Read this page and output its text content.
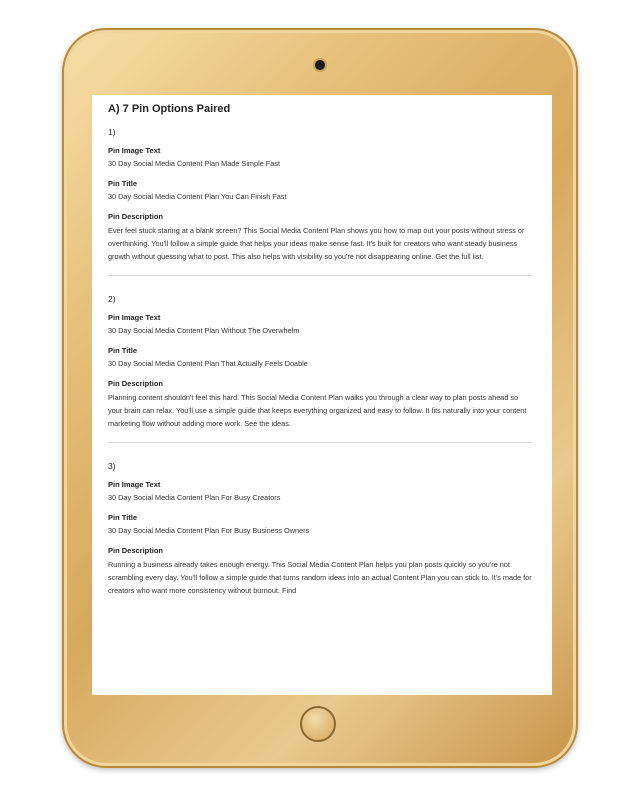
A) 7 Pin Options Paired
1)
Pin Image Text
30 Day Social Media Content Plan Made Simple Fast
Pin Title
30 Day Social Media Content Plan You Can Finish Fast
Pin Description
Ever feel stuck staring at a blank screen? This Social Media Content Plan shows you how to map out your posts without stress or overthinking. You'll follow a simple guide that helps your ideas make sense fast. It's built for creators who want steady business growth without guessing what to post. This also helps with visibility so you're not disappearing online. Get the full list.
2)
Pin Image Text
30 Day Social Media Content Plan Without The Overwhelm
Pin Title
30 Day Social Media Content Plan That Actually Feels Doable
Pin Description
Planning content shouldn't feel this hard. This Social Media Content Plan walks you through a clear way to plan posts ahead so your brain can relax. You'll use a simple guide that keeps everything organized and easy to follow. It fits naturally into your content marketing flow without adding more work. See the ideas.
3)
Pin Image Text
30 Day Social Media Content Plan For Busy Creators
Pin Title
30 Day Social Media Content Plan For Busy Business Owners
Pin Description
Running a business already takes enough energy. This Social Media Content Plan helps you plan posts quickly so you're not scrambling every day. You'll follow a simple guide that turns random ideas into an actual Content Plan you can stick to. It's made for creators who want more consistency without burnout. Find
